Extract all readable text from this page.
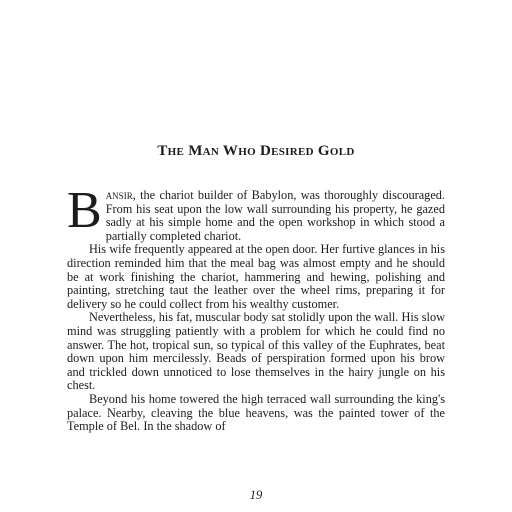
The Man Who Desired Gold

Bansir, the chariot builder of Babylon, was thoroughly discouraged. From his seat upon the low wall surrounding his property, he gazed sadly at his simple home and the open workshop in which stood a partially completed chariot.

His wife frequently appeared at the open door. Her furtive glances in his direction reminded him that the meal bag was almost empty and he should be at work finishing the chariot, hammering and hewing, polishing and painting, stretching taut the leather over the wheel rims, preparing it for delivery so he could collect from his wealthy customer.

Nevertheless, his fat, muscular body sat stolidly upon the wall. His slow mind was struggling patiently with a problem for which he could find no answer. The hot, tropical sun, so typical of this valley of the Euphrates, beat down upon him mercilessly. Beads of perspiration formed upon his brow and trickled down unnoticed to lose themselves in the hairy jungle on his chest.

Beyond his home towered the high terraced wall surrounding the king's palace. Nearby, cleaving the blue heavens, was the painted tower of the Temple of Bel. In the shadow of

19
